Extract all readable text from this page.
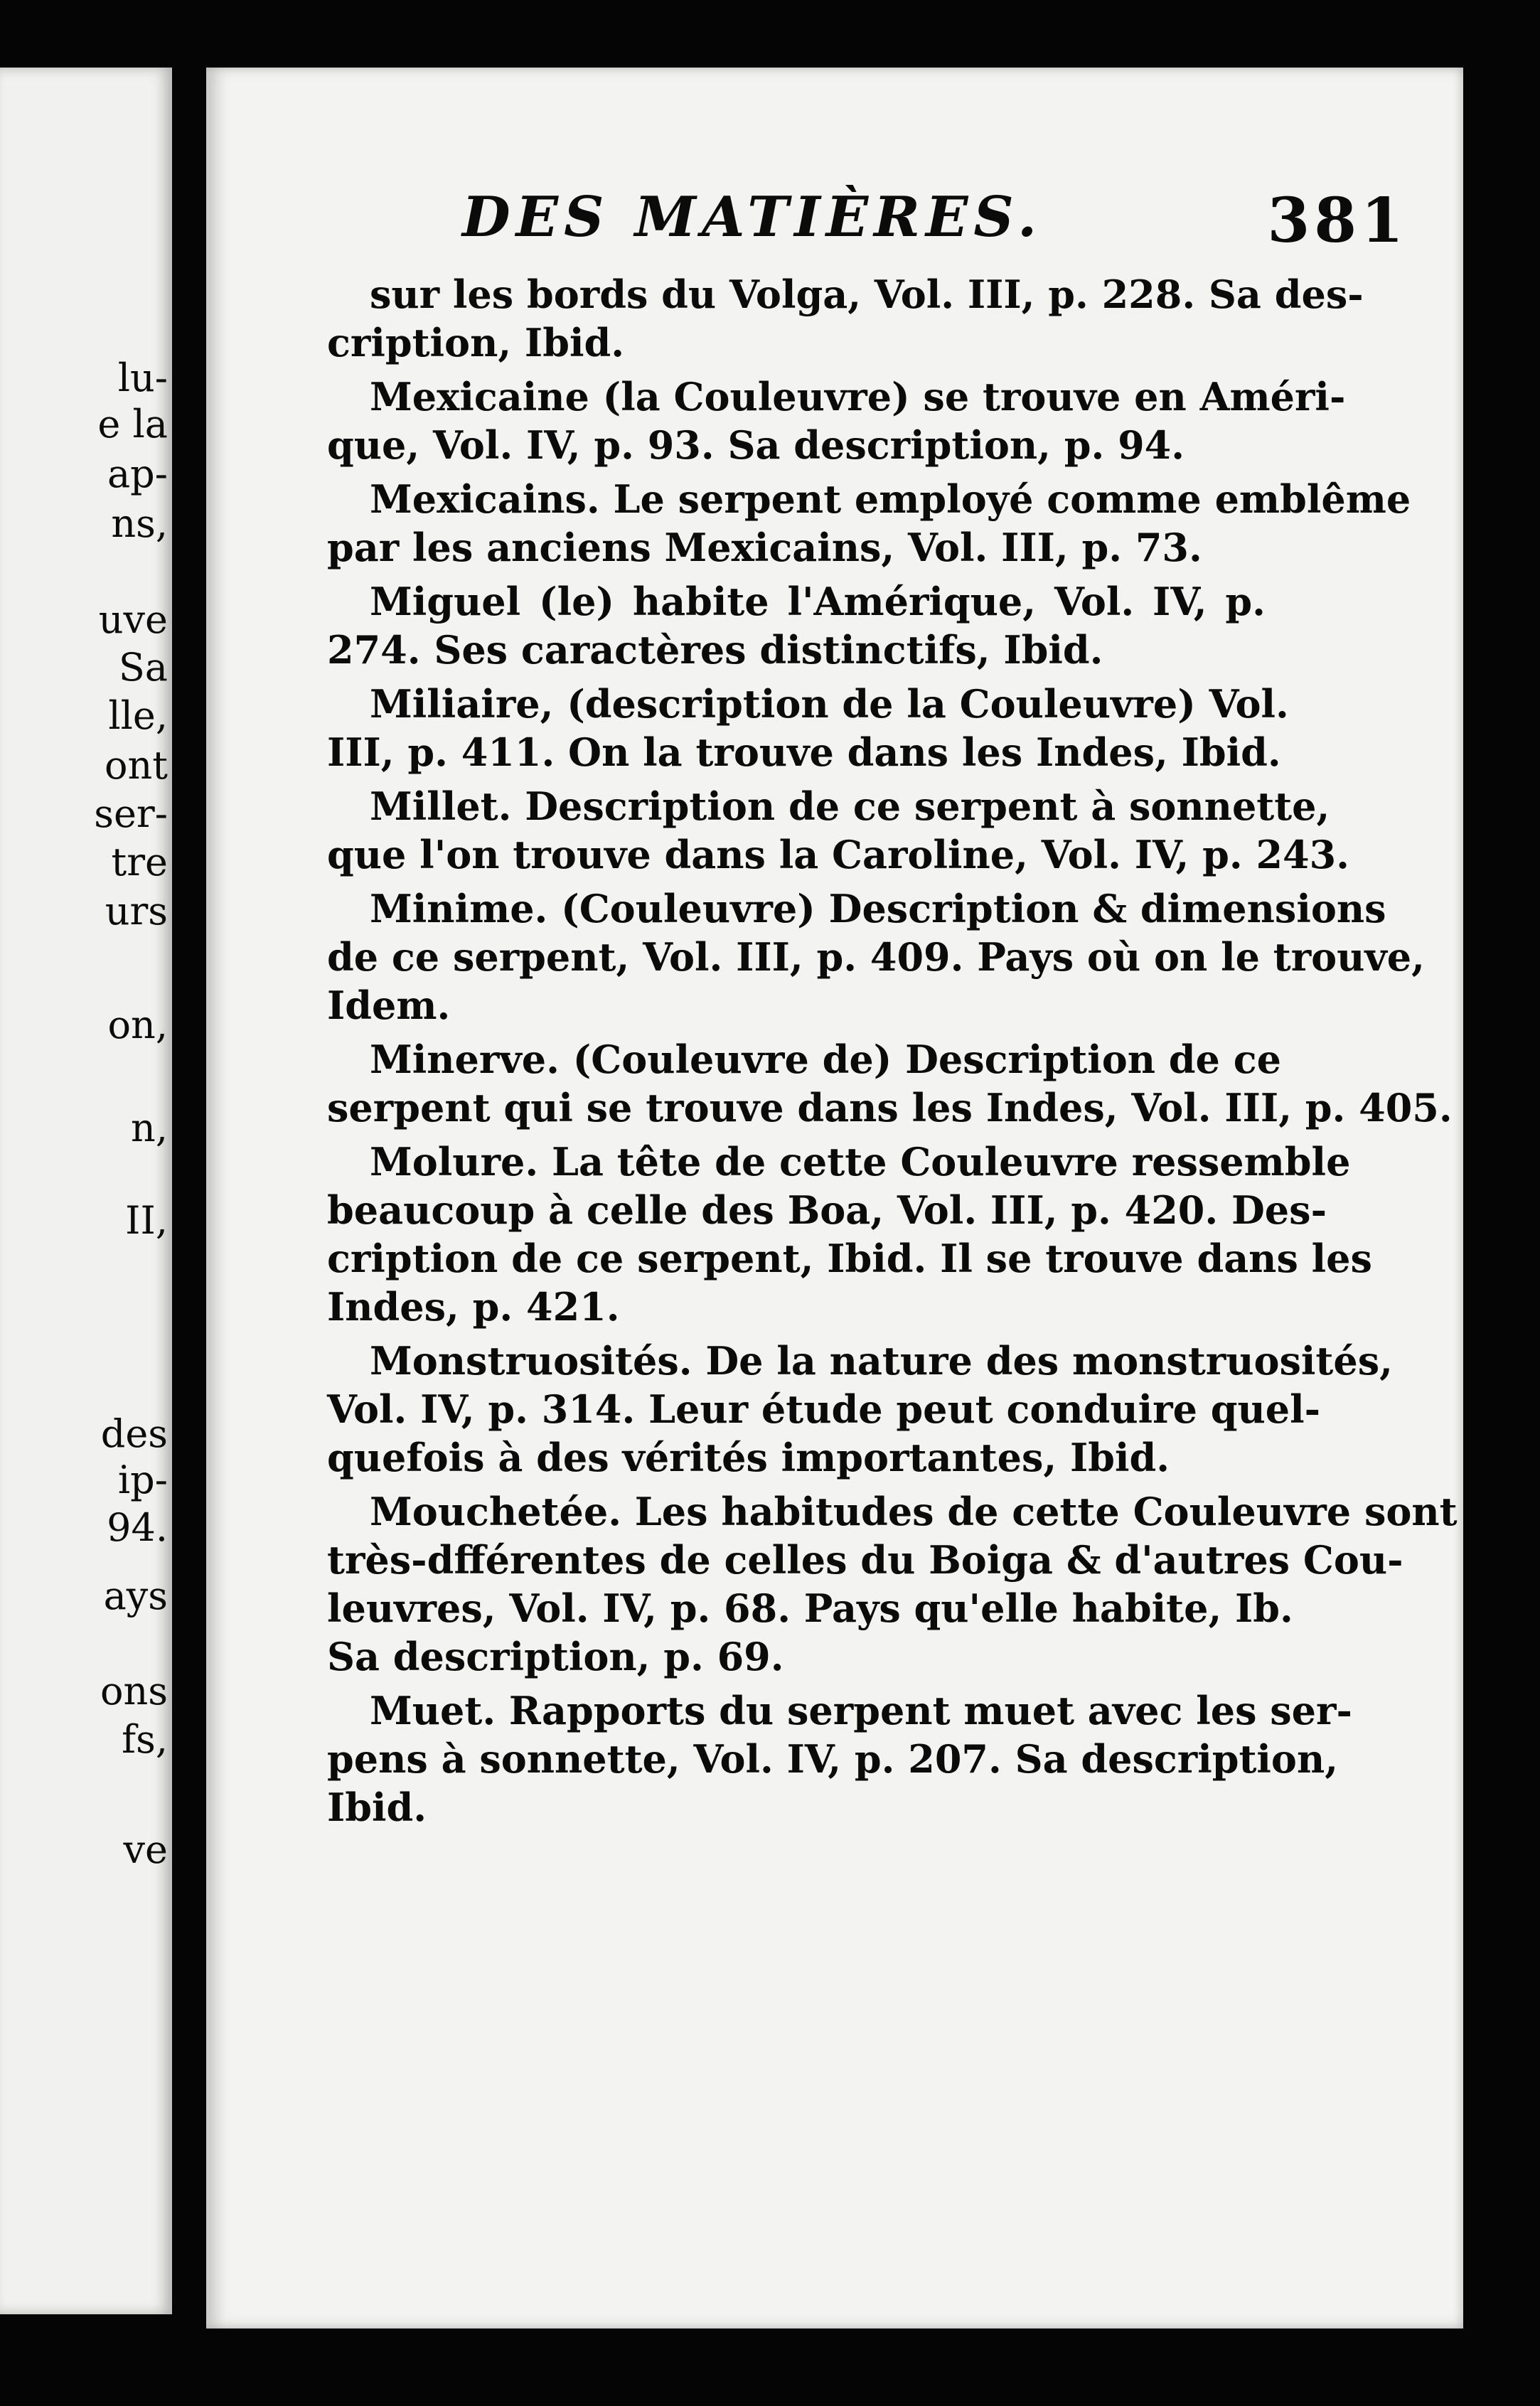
lu-
e la
ap-
ns,
uve
Sa
lle,
ont
ser-
tre
urs
on,
n,
II,
des
ip-
94.
ays
ons
fs,
ve
DES MATIÈRES.	381
sur les bords du Volga, Vol. III, p. 228. Sa des-
cription, Ibid.
Mexicaine (la Couleuvre) se trouve en Améri-
que, Vol. IV, p. 93. Sa description, p. 94.
Mexicains. Le serpent employé comme emblême
par les anciens Mexicains, Vol. III, p. 73.
Miguel (le) habite l'Amérique, Vol. IV, p.
274. Ses caractères distinctifs, Ibid.
Miliaire, (description de la Couleuvre) Vol.
III, p. 411. On la trouve dans les Indes, Ibid.
Millet. Description de ce serpent à sonnette,
que l'on trouve dans la Caroline, Vol. IV, p. 243.
Minime. (Couleuvre) Description & dimensions
de ce serpent, Vol. III, p. 409. Pays où on le trouve,
Idem.
Minerve. (Couleuvre de) Description de ce
serpent qui se trouve dans les Indes, Vol. III, p. 405.
Molure. La tête de cette Couleuvre ressemble
beaucoup à celle des Boa, Vol. III, p. 420. Des-
cription de ce serpent, Ibid. Il se trouve dans les
Indes, p. 421.
Monstruosités. De la nature des monstruosités,
Vol. IV, p. 314. Leur étude peut conduire quel-
quefois à des vérités importantes, Ibid.
Mouchetée. Les habitudes de cette Couleuvre sont
très-dfférentes de celles du Boiga & d'autres Cou-
leuvres, Vol. IV, p. 68. Pays qu'elle habite, Ib.
Sa description, p. 69.
Muet. Rapports du serpent muet avec les ser-
pens à sonnette, Vol. IV, p. 207. Sa description,
Ibid.
